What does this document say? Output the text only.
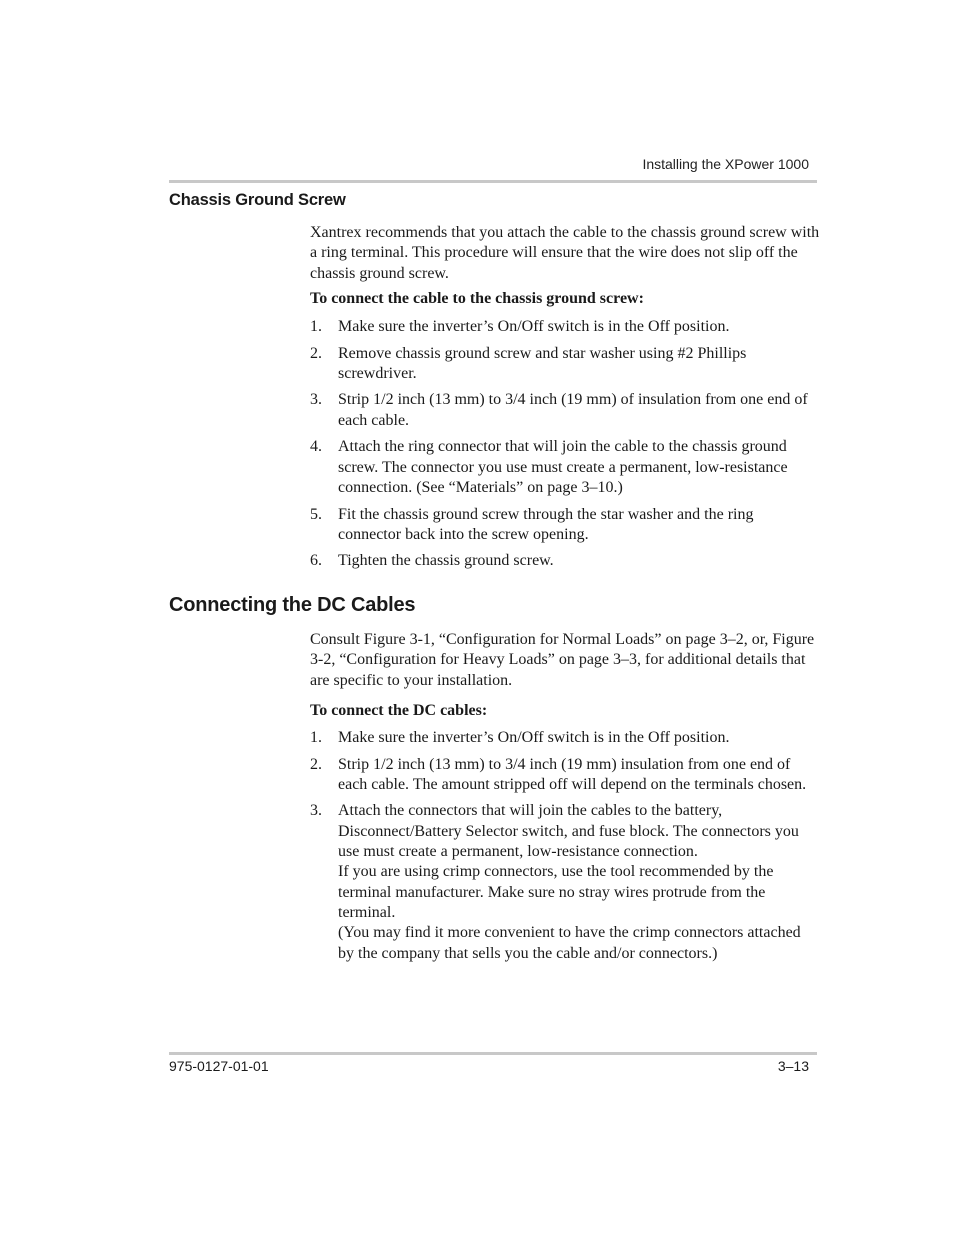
Installing the XPower 1000
Chassis Ground Screw

Xantrex recommends that you attach the cable to the chassis ground screw with a ring terminal. This procedure will ensure that the wire does not slip off the chassis ground screw.

To connect the cable to the chassis ground screw:

1. Make sure the inverter’s On/Off switch is in the Off position.
2. Remove chassis ground screw and star washer using #2 Phillips screwdriver.
3. Strip 1/2 inch (13 mm) to 3/4 inch (19 mm) of insulation from one end of each cable.
4. Attach the ring connector that will join the cable to the chassis ground screw. The connector you use must create a permanent, low-resistance connection. (See “Materials” on page 3–10.)
5. Fit the chassis ground screw through the star washer and the ring connector back into the screw opening.
6. Tighten the chassis ground screw.
Connecting the DC Cables

Consult Figure 3-1, “Configuration for Normal Loads” on page 3–2, or, Figure 3-2, “Configuration for Heavy Loads” on page 3–3, for additional details that are specific to your installation.

To connect the DC cables:

1. Make sure the inverter’s On/Off switch is in the Off position.
2. Strip 1/2 inch (13 mm) to 3/4 inch (19 mm) insulation from one end of each cable. The amount stripped off will depend on the terminals chosen.
3. Attach the connectors that will join the cables to the battery, Disconnect/Battery Selector switch, and fuse block. The connectors you use must create a permanent, low-resistance connection.
If you are using crimp connectors, use the tool recommended by the terminal manufacturer. Make sure no stray wires protrude from the terminal.
(You may find it more convenient to have the crimp connectors attached by the company that sells you the cable and/or connectors.)
975-0127-01-01	3–13
